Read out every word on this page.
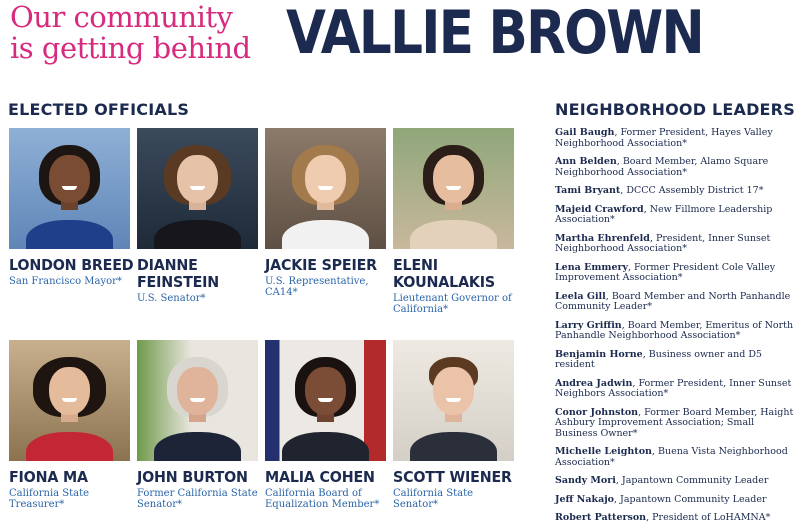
Our community
is getting behind VALLIE BROWN
ELECTED OFFICIALS	NEIGHBORHOOD LEADERS
LONDON BREED
San Francisco Mayor*
DIANNE
FEINSTEIN
U.S. Senator*
JACKIE SPEIER
U.S. Representative, CA14*
ELENI
KOUNALAKIS
Lieutenant Governor of California*
FIONA MA
California State Treasurer*
JOHN BURTON
Former California State Senator*
MALIA COHEN
California Board of Equalization Member*
SCOTT WIENER
California State Senator*
Gail Baugh, Former President, Hayes Valley Neighborhood Association*
Ann Belden, Board Member, Alamo Square Neighborhood Association*
Tami Bryant, DCCC Assembly District 17*
Majeid Crawford, New Fillmore Leadership Association*
Martha Ehrenfeld, President, Inner Sunset Neighborhood Association*
Lena Emmery, Former President Cole Valley Improvement Association*
Leela Gill, Board Member and North Panhandle Community Leader*
Larry Griffin, Board Member, Emeritus of North Panhandle Neighborhood Association*
Benjamin Horne, Business owner and D5 resident
Andrea Jadwin, Former President, Inner Sunset Neighbors Association*
Conor Johnston, Former Board Member, Haight Ashbury Improvement Association; Small Business Owner*
Michelle Leighton, Buena Vista Neighborhood Association*
Sandy Mori, Japantown Community Leader
Jeff Nakajo, Japantown Community Leader
Robert Patterson, President of LoHAMNA*
